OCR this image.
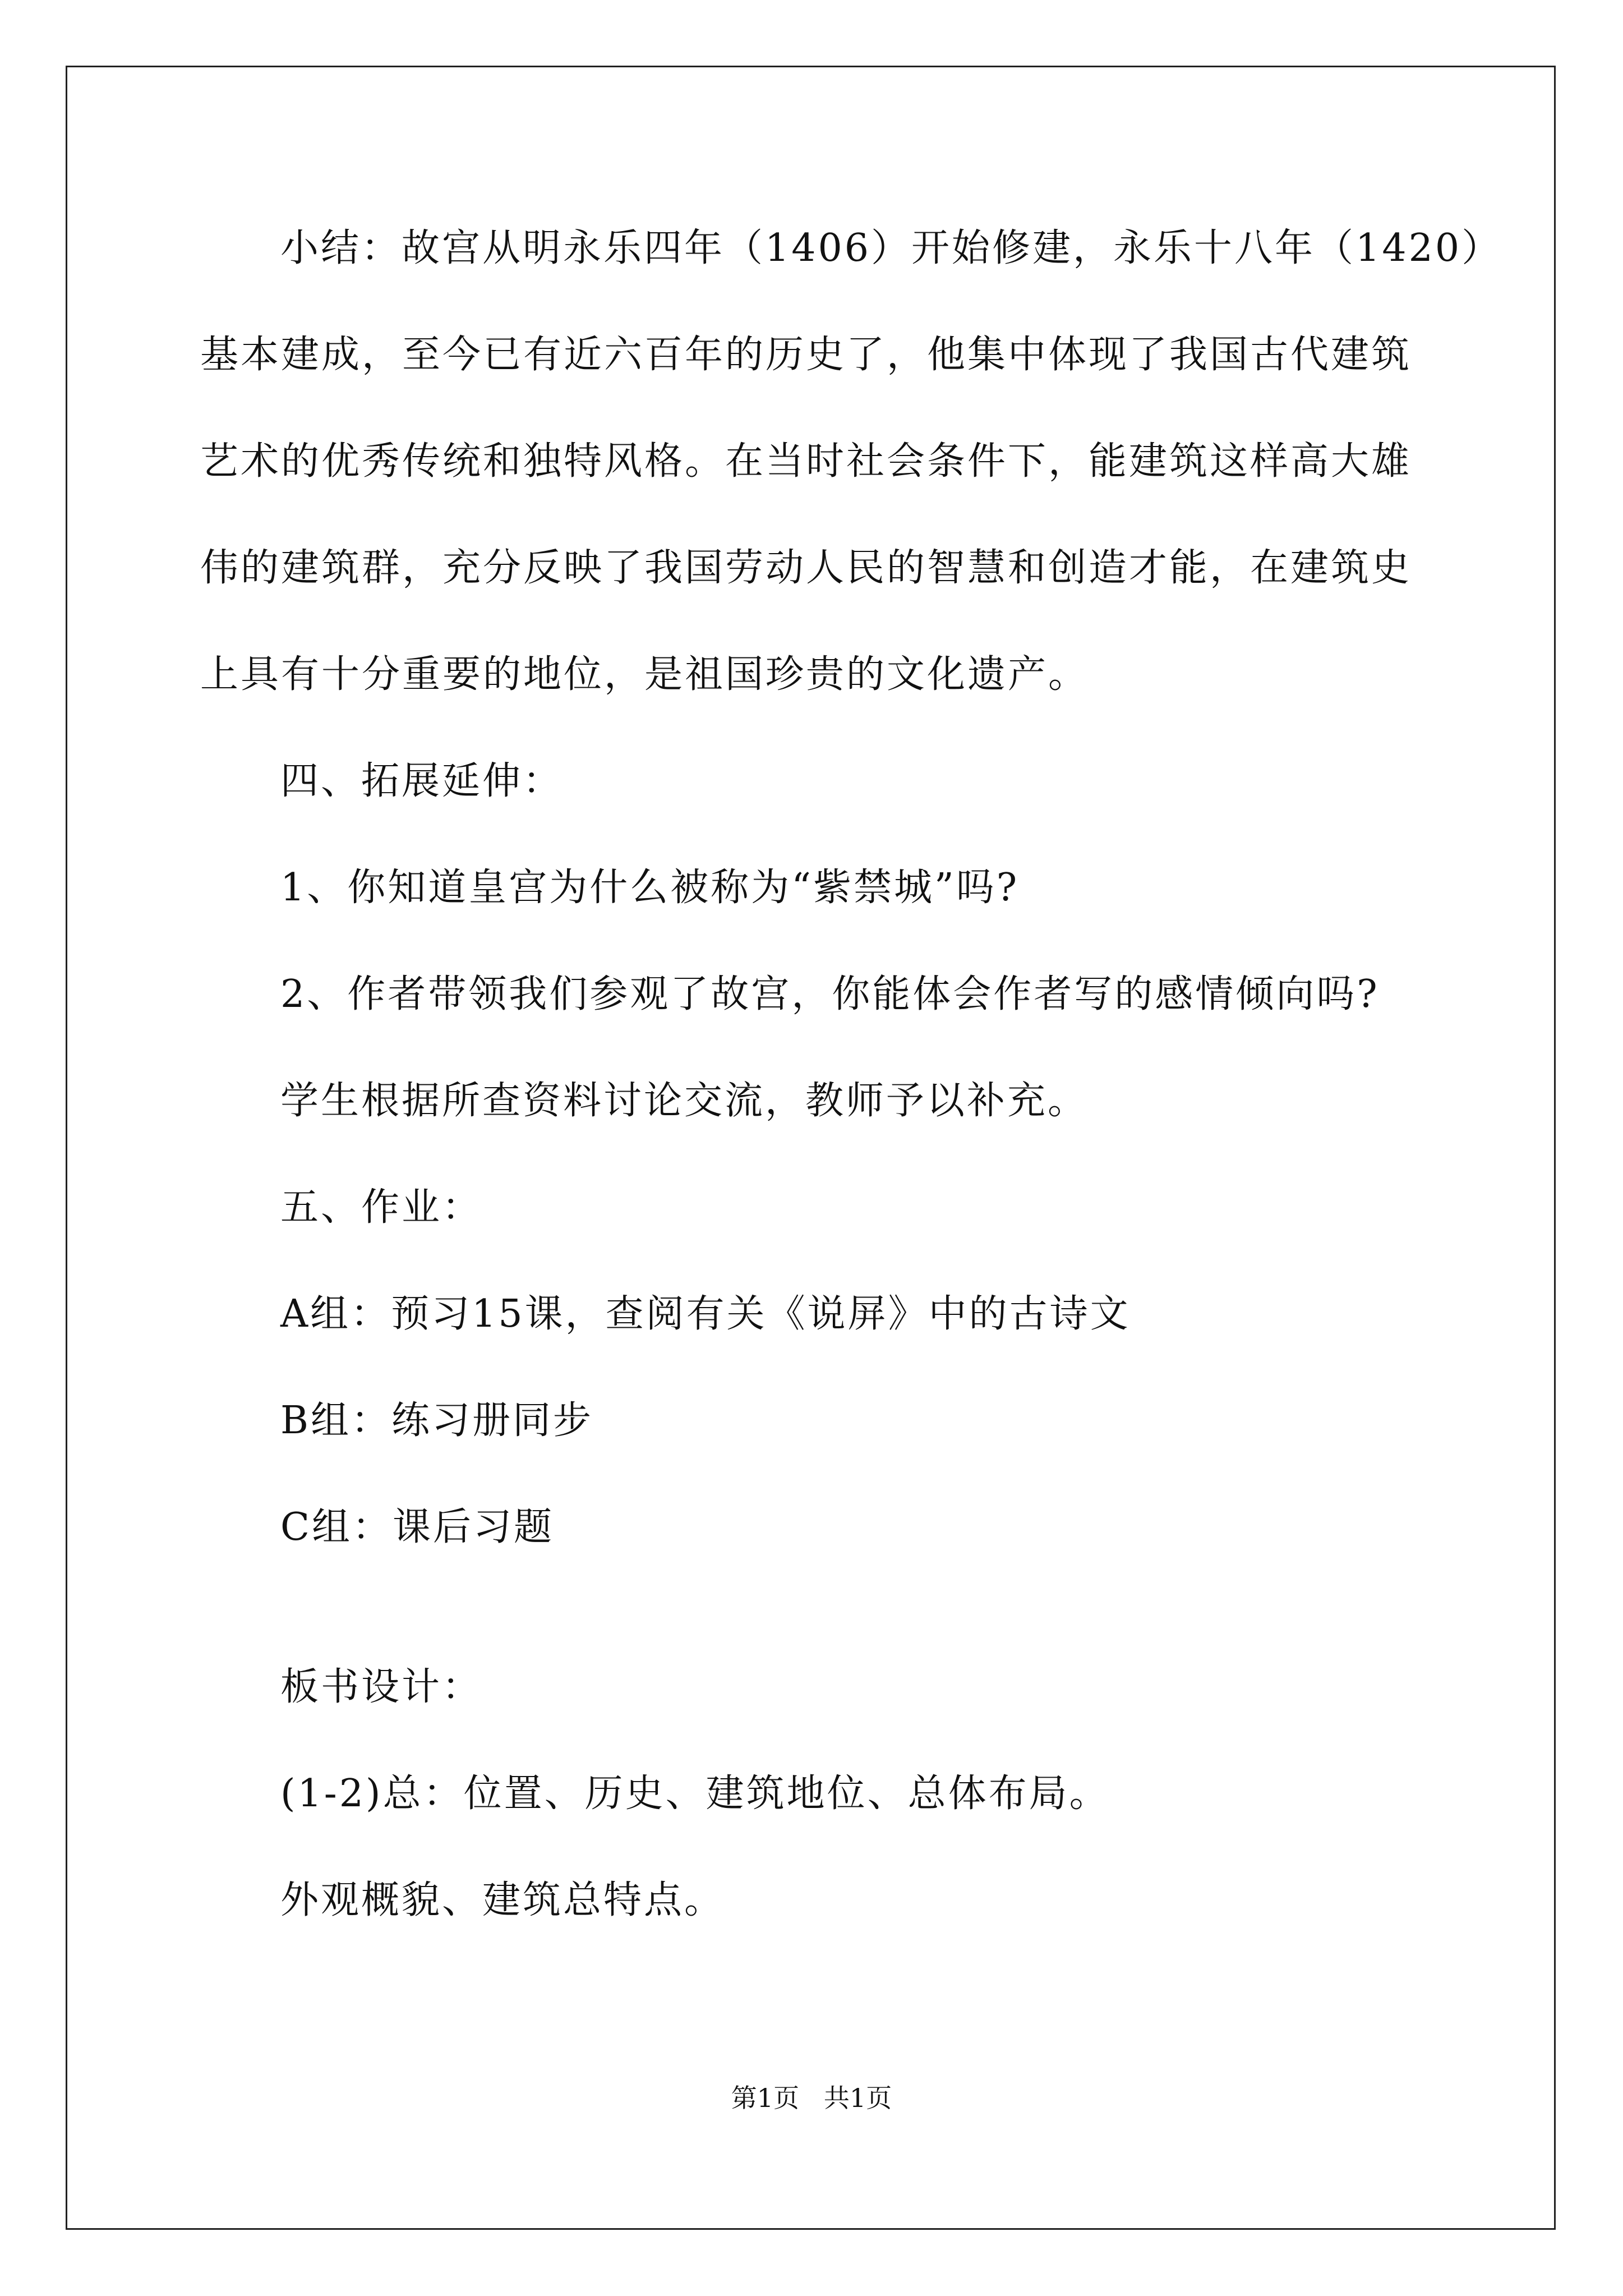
小结：故宫从明永乐四年（1406）开始修建，永乐十八年（1420）
基本建成，至今已有近六百年的历史了，他集中体现了我国古代建筑
艺术的优秀传统和独特风格。在当时社会条件下，能建筑这样高大雄
伟的建筑群，充分反映了我国劳动人民的智慧和创造才能，在建筑史
上具有十分重要的地位，是祖国珍贵的文化遗产。
四、拓展延伸：
1、你知道皇宫为什么被称为“紫禁城”吗?
2、作者带领我们参观了故宫，你能体会作者写的感情倾向吗?
学生根据所查资料讨论交流，教师予以补充。
五、作业：
A组：预习15课，查阅有关《说屏》中的古诗文
B组：练习册同步
C组：课后习题
板书设计：
(1-2)总：位置、历史、建筑地位、总体布局。
外观概貌、建筑总特点。
第1页   共1页
